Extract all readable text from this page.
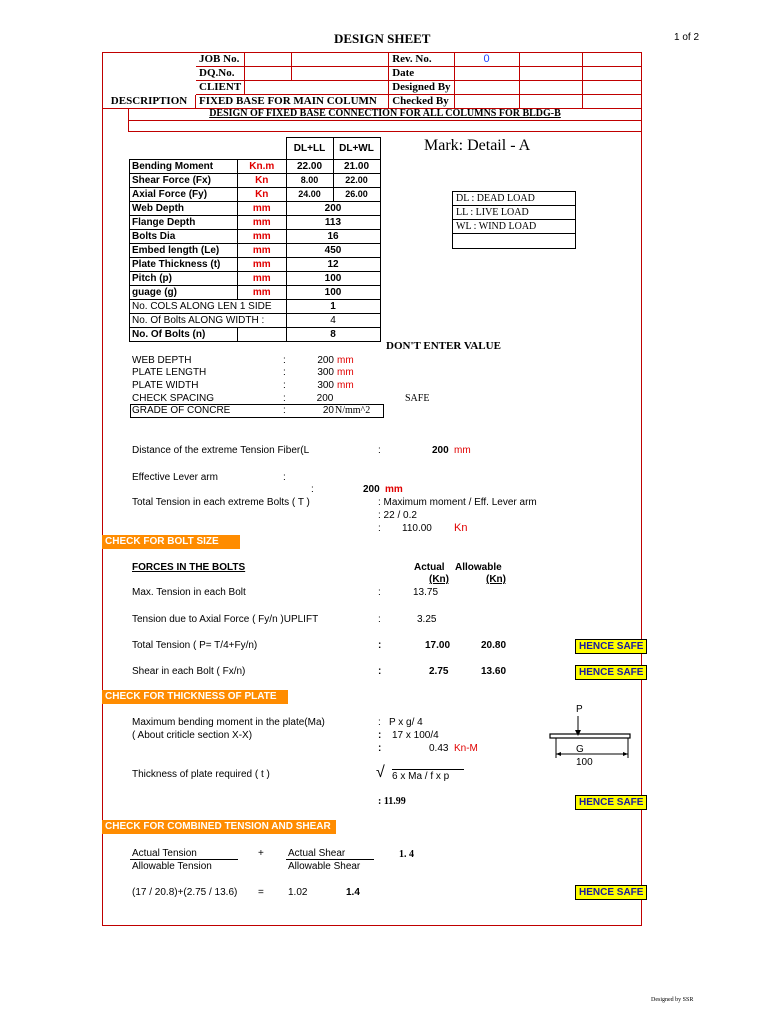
DESIGN SHEET	1 of 2
	JOB No.			Rev. No.	0		
	DQ.No.			Date			
	CLIENT			Designed By			
DESCRIPTION	FIXED BASE FOR MAIN COLUMN			Checked By			
DESIGN OF FIXED BASE CONNECTION FOR ALL COLUMNS FOR BLDG-B
Mark: Detail - A
		DL+LL	DL+WL
Bending Moment	Kn.m	22.00	21.00
Shear Force (Fx)	Kn	8.00	22.00
Axial Force (Fy)	Kn	24.00	26.00
Web Depth	mm	200	
Flange Depth	mm	113	
Bolts Dia	mm	16	
Embed length (Le)	mm	450	
Plate Thickness (t)	mm	12	
Pitch (p)	mm	100	
guage (g)	mm	100	
No. COLS ALONG LEN 1 SIDE		1	
No. Of Bolts ALONG WIDTH :		4	
No. Of Bolts (n)		8	
DON'T ENTER VALUE
DL : DEAD LOAD
LL : LIVE LOAD
WL : WIND LOAD

WEB DEPTH	:	200 mm
PLATE LENGTH	:	300 mm
PLATE WIDTH	:	300 mm
CHECK SPACING	:	200	SAFE
GRADE OF CONCRE	:	20 N/mm^2
Distance of the extreme Tension Fiber(L	:	200 mm
Effective Lever arm	:
:	200 mm
Total Tension in each extreme Bolts ( T )	: Maximum moment / Eff. Lever arm
: 22 / 0.2
: 110.00 Kn
CHECK FOR BOLT SIZE
FORCES IN THE BOLTS	Actual Allowable
(Kn)	(Kn)
Max. Tension in each Bolt	:	13.75
Tension due to Axial Force ( Fy/n )UPLIFT	:	3.25
Total Tension ( P= T/4+Fy/n)	:	17.00	20.80	HENCE SAFE
Shear in each Bolt ( Fx/n)	:	2.75	13.60	HENCE SAFE
CHECK FOR THICKNESS OF PLATE
Maximum bending moment in the plate(Ma)	: P x g/ 4
( About criticle section X-X)	: 17 x 100/4
:	0.43 Kn-M
Thickness of plate required ( t )	√ 6 x Ma / f x p
: 11.99	HENCE SAFE
P
G
100
CHECK FOR COMBINED TENSION AND SHEAR
Actual Tension
Allowable Tension
+ Actual Shear
Allowable Shear
1. 4
(17 / 20.8)+(2.75 / 13.6) = 1.02	1.4	HENCE SAFE
Designed by SSR
